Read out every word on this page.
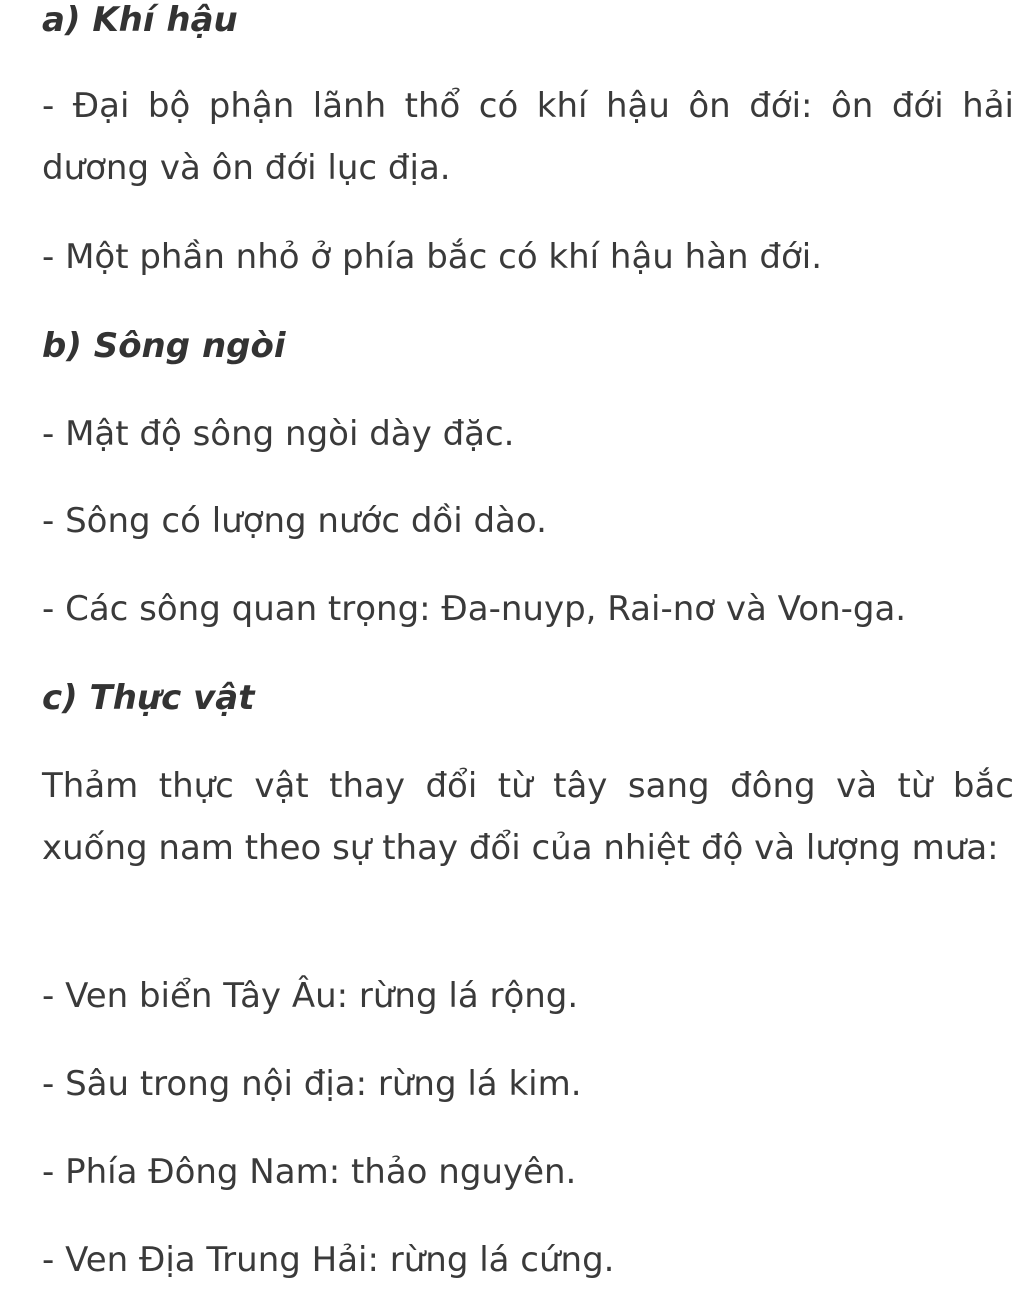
a) Khí hậu

- Đại bộ phận lãnh thổ có khí hậu ôn đới: ôn đới hải dương và ôn đới lục địa.

- Một phần nhỏ ở phía bắc có khí hậu hàn đới.

b) Sông ngòi

- Mật độ sông ngòi dày đặc.

- Sông có lượng nước dồi dào.

- Các sông quan trọng: Đa-nuyp, Rai-nơ và Von-ga.

c) Thực vật

Thảm thực vật thay đổi từ tây sang đông và từ bắc xuống nam theo sự thay đổi của nhiệt độ và lượng mưa:

- Ven biển Tây Âu: rừng lá rộng.

- Sâu trong nội địa: rừng lá kim.

- Phía Đông Nam: thảo nguyên.

- Ven Địa Trung Hải: rừng lá cứng.
